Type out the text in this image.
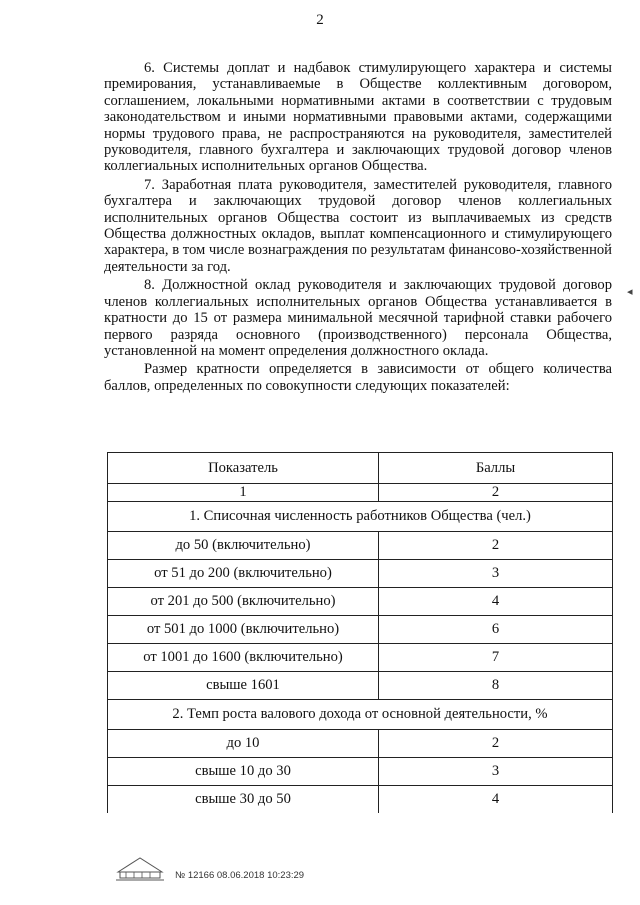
2

6. Системы доплат и надбавок стимулирующего характера и системы премирования, устанавливаемые в Обществе коллективным договором, соглашением, локальными нормативными актами в соответствии с трудовым законодательством и иными нормативными правовыми актами, содержащими нормы трудового права, не распространяются на руководителя, заместителей руководителя, главного бухгалтера и заключающих трудовой договор членов коллегиальных исполнительных органов Общества.

7. Заработная плата руководителя, заместителей руководителя, главного бухгалтера и заключающих трудовой договор членов коллегиальных исполнительных органов Общества состоит из выплачиваемых из средств Общества должностных окладов, выплат компенсационного и стимулирующего характера, в том числе вознаграждения по результатам финансово-хозяйственной деятельности за год.

8. Должностной оклад руководителя и заключающих трудовой договор членов коллегиальных исполнительных органов Общества устанавливается в кратности до 15 от размера минимальной месячной тарифной ставки рабочего первого разряда основного (производственного) персонала Общества, установленной на момент определения должностного оклада.

Размер кратности определяется в зависимости от общего количества баллов, определенных по совокупности следующих показателей:

Показатель	Баллы
1	2
1. Списочная численность работников Общества (чел.)	
до 50 (включительно)	2
от 51 до 200 (включительно)	3
от 201 до 500 (включительно)	4
от 501 до 1000 (включительно)	6
от 1001 до 1600 (включительно)	7
свыше 1601	8
2. Темп роста валового дохода от основной деятельности, %	
до 10	2
свыше 10 до 30	3
свыше 30 до 50	4
№ 12166 08.06.2018 10:23:29
◂
